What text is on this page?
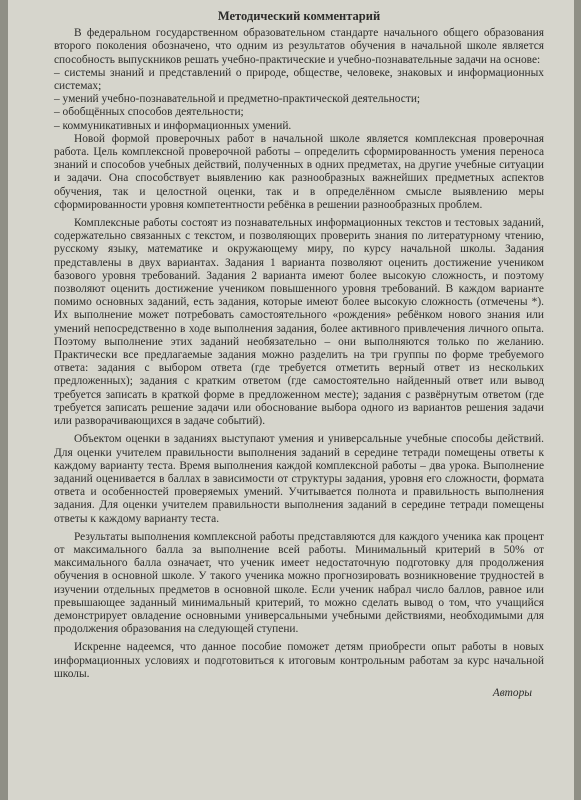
Методический комментарий

В федеральном государственном образовательном стандарте начального общего образования второго поколения обозначено, что одним из результатов обучения в начальной школе является способность выпускников решать учебно-практические и учебно-познавательные задачи на основе:

– системы знаний и представлений о природе, обществе, человеке, знаковых и информационных системах;

– умений учебно-познавательной и предметно-практической деятельности;

– обобщённых способов деятельности;

– коммуникативных и информационных умений.

Новой формой проверочных работ в начальной школе является комплексная проверочная работа. Цель комплексной проверочной работы – определить сформированность умения переноса знаний и способов учебных действий, полученных в одних предметах, на другие учебные ситуации и задачи. Она способствует выявлению как разнообразных важнейших предметных аспектов обучения, так и целостной оценки, так и в определённом смысле выявлению меры сформированности уровня компетентности ребёнка в решении разнообразных проблем.

Комплексные работы состоят из познавательных информационных текстов и тестовых заданий, содержательно связанных с текстом, и позволяющих проверить знания по литературному чтению, русскому языку, математике и окружающему миру, по курсу начальной школы. Задания представлены в двух вариантах. Задания 1 варианта позволяют оценить достижение учеником базового уровня требований. Задания 2 варианта имеют более высокую сложность, и поэтому позволяют оценить достижение учеником повышенного уровня требований. В каждом варианте помимо основных заданий, есть задания, которые имеют более высокую сложность (отмечены *). Их выполнение может потребовать самостоятельного «рождения» ребёнком нового знания или умений непосредственно в ходе выполнения задания, более активного привлечения личного опыта. Поэтому выполнение этих заданий необязательно – они выполняются только по желанию. Практически все предлагаемые задания можно разделить на три группы по форме требуемого ответа: задания с выбором ответа (где требуется отметить верный ответ из нескольких предложенных); задания с кратким ответом (где самостоятельно найденный ответ или вывод требуется записать в краткой форме в предложенном месте); задания с развёрнутым ответом (где требуется записать решение задачи или обоснование выбора одного из вариантов решения задачи или разворачивающихся в задаче событий).

Объектом оценки в заданиях выступают умения и универсальные учебные способы действий. Для оценки учителем правильности выполнения заданий в середине тетради помещены ответы к каждому варианту теста. Время выполнения каждой комплексной работы – два урока. Выполнение заданий оценивается в баллах в зависимости от структуры задания, уровня его сложности, формата ответа и особенностей проверяемых умений. Учитывается полнота и правильность выполнения задания. Для оценки учителем правильности выполнения заданий в середине тетради помещены ответы к каждому варианту теста.

Результаты выполнения комплексной работы представляются для каждого ученика как процент от максимального балла за выполнение всей работы. Минимальный критерий в 50% от максимального балла означает, что ученик имеет недостаточную подготовку для продолжения обучения в основной школе. У такого ученика можно прогнозировать возникновение трудностей в изучении отдельных предметов в основной школе. Если ученик набрал число баллов, равное или превышающее заданный минимальный критерий, то можно сделать вывод о том, что учащийся демонстрирует овладение основными универсальными учебными действиями, необходимыми для продолжения образования на следующей ступени.

Искренне надеемся, что данное пособие поможет детям приобрести опыт работы в новых информационных условиях и подготовиться к итоговым контрольным работам за курс начальной школы.

Авторы
